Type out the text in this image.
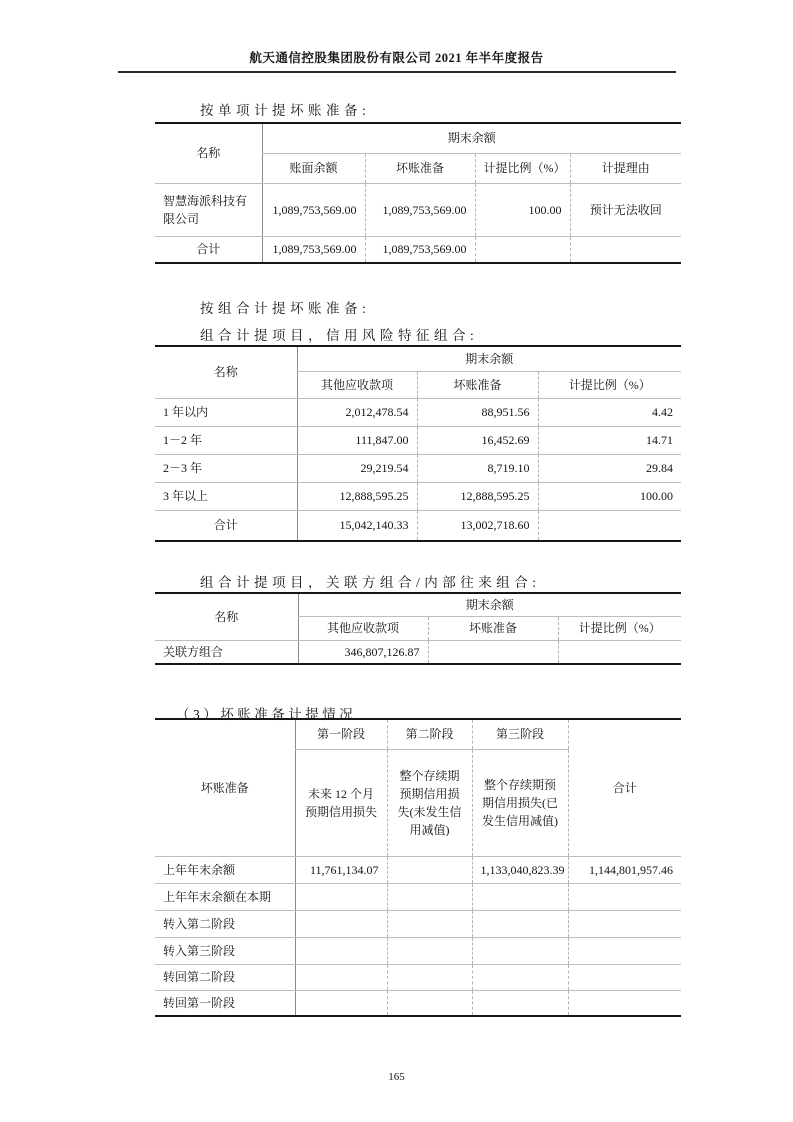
航天通信控股集团股份有限公司 2021 年半年度报告
按单项计提坏账准备:
名称	期末余额			
	账面余额	坏账准备	计提比例（%）	计提理由
智慧海派科技有限公司	1,089,753,569.00	1,089,753,569.00	100.00	预计无法收回
合计	1,089,753,569.00	1,089,753,569.00		
按组合计提坏账准备:
组合计提项目，信用风险特征组合:
名称	期末余额		
	其他应收款项	坏账准备	计提比例（%）
1 年以内	2,012,478.54	88,951.56	4.42
1－2 年	111,847.00	16,452.69	14.71
2－3 年	29,219.54	8,719.10	29.84
3 年以上	12,888,595.25	12,888,595.25	100.00
合计	15,042,140.33	13,002,718.60	
组合计提项目，关联方组合/内部往来组合:
名称	期末余额		
	其他应收款项	坏账准备	计提比例（%）
关联方组合	346,807,126.87		
（3）坏账准备计提情况
坏账准备	第一阶段	第二阶段	第三阶段	合计
	未来 12 个月预期信用损失	整个存续期预期信用损失(未发生信用减值)	整个存续期预期信用损失(已发生信用减值)	
上年年末余额	11,761,134.07		1,133,040,823.39	1,144,801,957.46
上年年末余额在本期				
转入第二阶段				
转入第三阶段				
转回第二阶段				
转回第一阶段				
165
